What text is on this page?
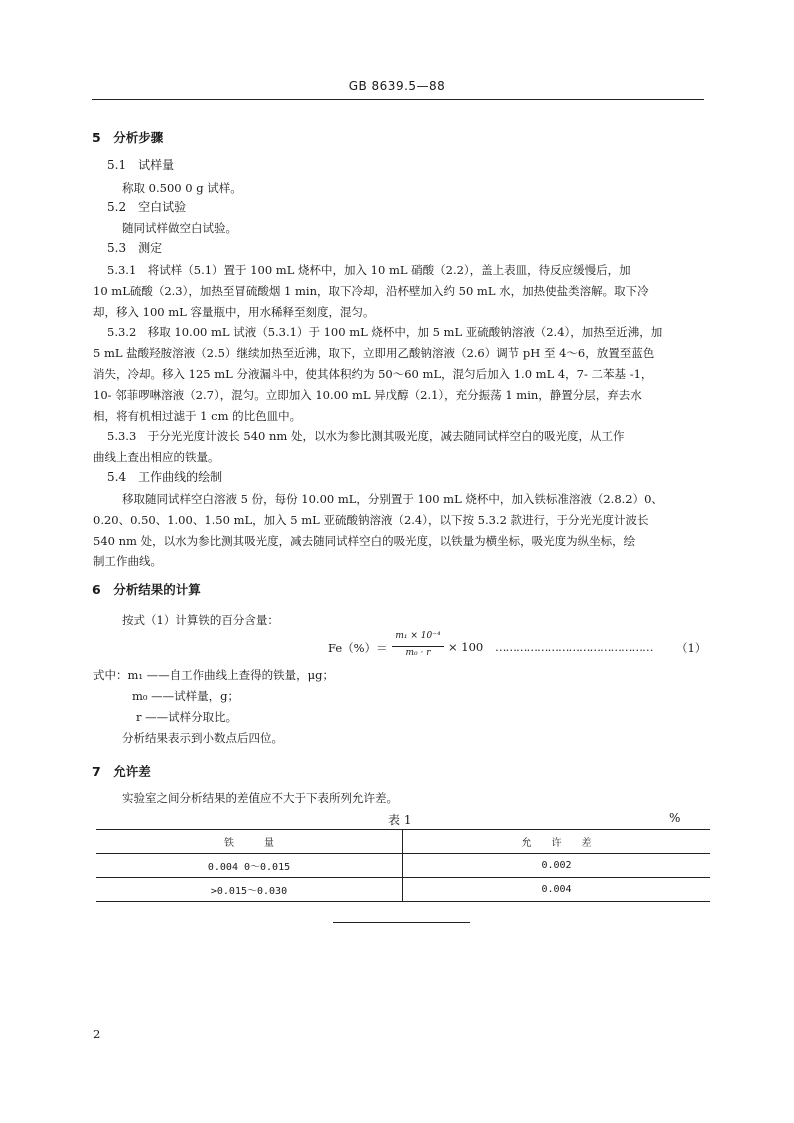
GB 8639.5—88
5　分析步骤
5.1　试样量
称取 0.500 0 g 试样。
5.2　空白试验
随同试样做空白试验。
5.3　测定
5.3.1　将试样（5.1）置于 100 mL 烧杯中，加入 10 mL 硝酸（2.2），盖上表皿，待反应缓慢后，加
10 mL硫酸（2.3），加热至冒硫酸烟 1 min，取下冷却，沿杯壁加入约 50 mL 水，加热使盐类溶解。取下冷
却，移入 100 mL 容量瓶中，用水稀释至刻度，混匀。
5.3.2　移取 10.00 mL 试液（5.3.1）于 100 mL 烧杯中，加 5 mL 亚硫酸钠溶液（2.4），加热至近沸，加
5 mL 盐酸羟胺溶液（2.5）继续加热至近沸，取下，立即用乙酸钠溶液（2.6）调节 pH 至 4～6，放置至蓝色
消失，冷却。移入 125 mL 分液漏斗中，使其体积约为 50～60 mL，混匀后加入 1.0 mL 4，7- 二苯基 -1，
10- 邻菲啰啉溶液（2.7），混匀。立即加入 10.00 mL 异戊醇（2.1），充分振荡 1 min，静置分层，弃去水
相，将有机相过滤于 1 cm 的比色皿中。
5.3.3　于分光光度计波长 540 nm 处，以水为参比测其吸光度，减去随同试样空白的吸光度，从工作
曲线上查出相应的铁量。
5.4　工作曲线的绘制
移取随同试样空白溶液 5 份，每份 10.00 mL，分别置于 100 mL 烧杯中，加入铁标准溶液（2.8.2）0、
0.20、0.50、1.00、1.50 mL，加入 5 mL 亚硫酸钠溶液（2.4），以下按 5.3.2 款进行，于分光光度计波长
540 nm 处，以水为参比测其吸光度，减去随同试样空白的吸光度，以铁量为横坐标，吸光度为纵坐标，绘
制工作曲线。
6　分析结果的计算
按式（1）计算铁的百分含量：
Fe（%）＝
m₁ × 10⁻⁴
m₀ · r	× 100 ………………………………………	（1）
式中：m₁ ——自工作曲线上查得的铁量，μg；
m₀ ——试样量，g；
r ——试样分取比。
分析结果表示到小数点后四位。
7　允许差
实验室之间分析结果的差值应不大于下表所列允许差。
表 1	%
铁　　　量	允　　许　　差
0.004 0～0.015	0.002
>0.015～0.030	0.004
2
